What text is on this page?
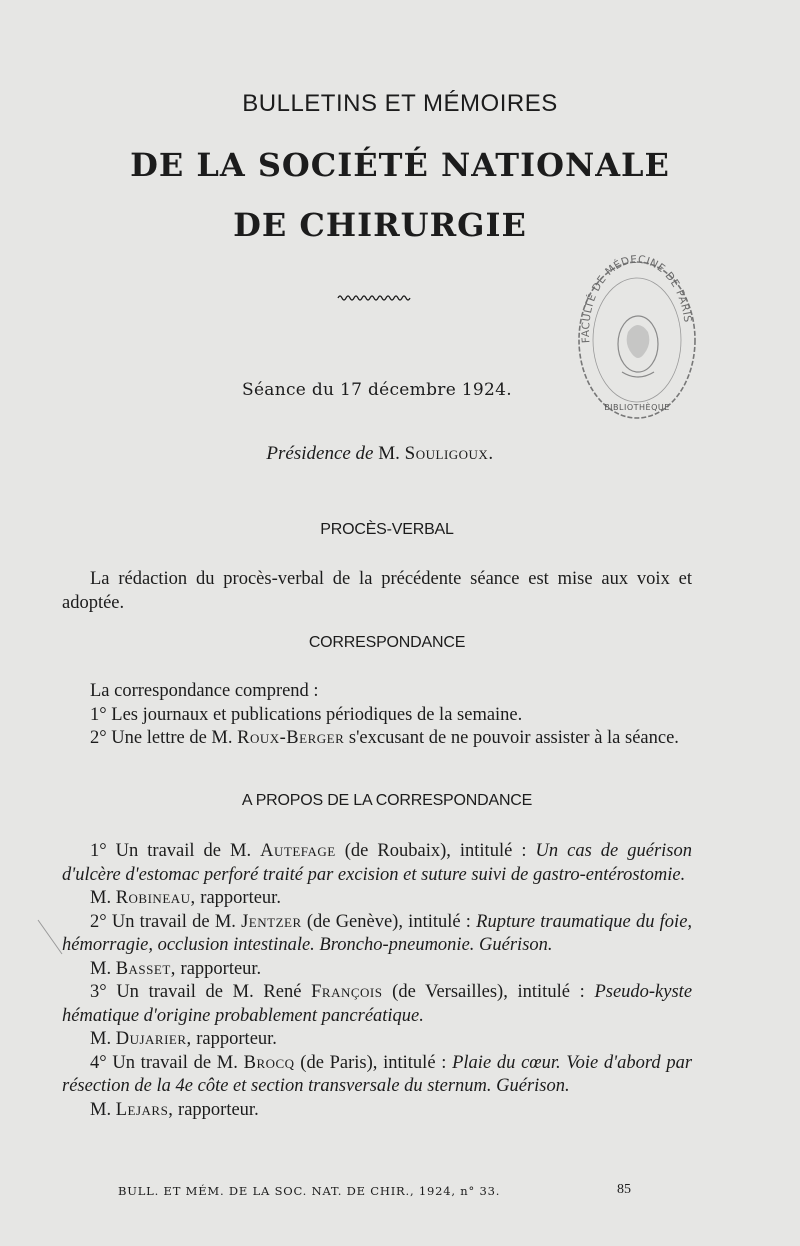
BULLETINS ET MÉMOIRES
DE LA SOCIÉTÉ NATIONALE
DE CHIRURGIE
FACULTÉ DE MÉDECINE DE PARIS
BIBLIOTHÈQUE
Séance du 17 décembre 1924.
Présidence de M. Souligoux.
PROCÈS-VERBAL

La rédaction du procès-verbal de la précédente séance est mise aux voix et adoptée.

CORRESPONDANCE

La correspondance comprend :

1° Les journaux et publications périodiques de la semaine.

2° Une lettre de M. Roux-Berger s'excusant de ne pouvoir assister à la séance.

A PROPOS DE LA CORRESPONDANCE

1° Un travail de M. Autefage (de Roubaix), intitulé : Un cas de guérison d'ulcère d'estomac perforé traité par excision et suture suivi de gastro-entérostomie.

M. Robineau, rapporteur.

2° Un travail de M. Jentzer (de Genève), intitulé : Rupture traumatique du foie, hémorragie, occlusion intestinale. Broncho-pneumonie. Guérison.

M. Basset, rapporteur.

3° Un travail de M. René François (de Versailles), intitulé : Pseudo-kyste hématique d'origine probablement pancréatique.

M. Dujarier, rapporteur.

4° Un travail de M. Brocq (de Paris), intitulé : Plaie du cœur. Voie d'abord par résection de la 4e côte et section transversale du sternum. Guérison.

M. Lejars, rapporteur.

BULL. ET MÉM. DE LA SOC. NAT. DE CHIR., 1924, n° 33.	85
